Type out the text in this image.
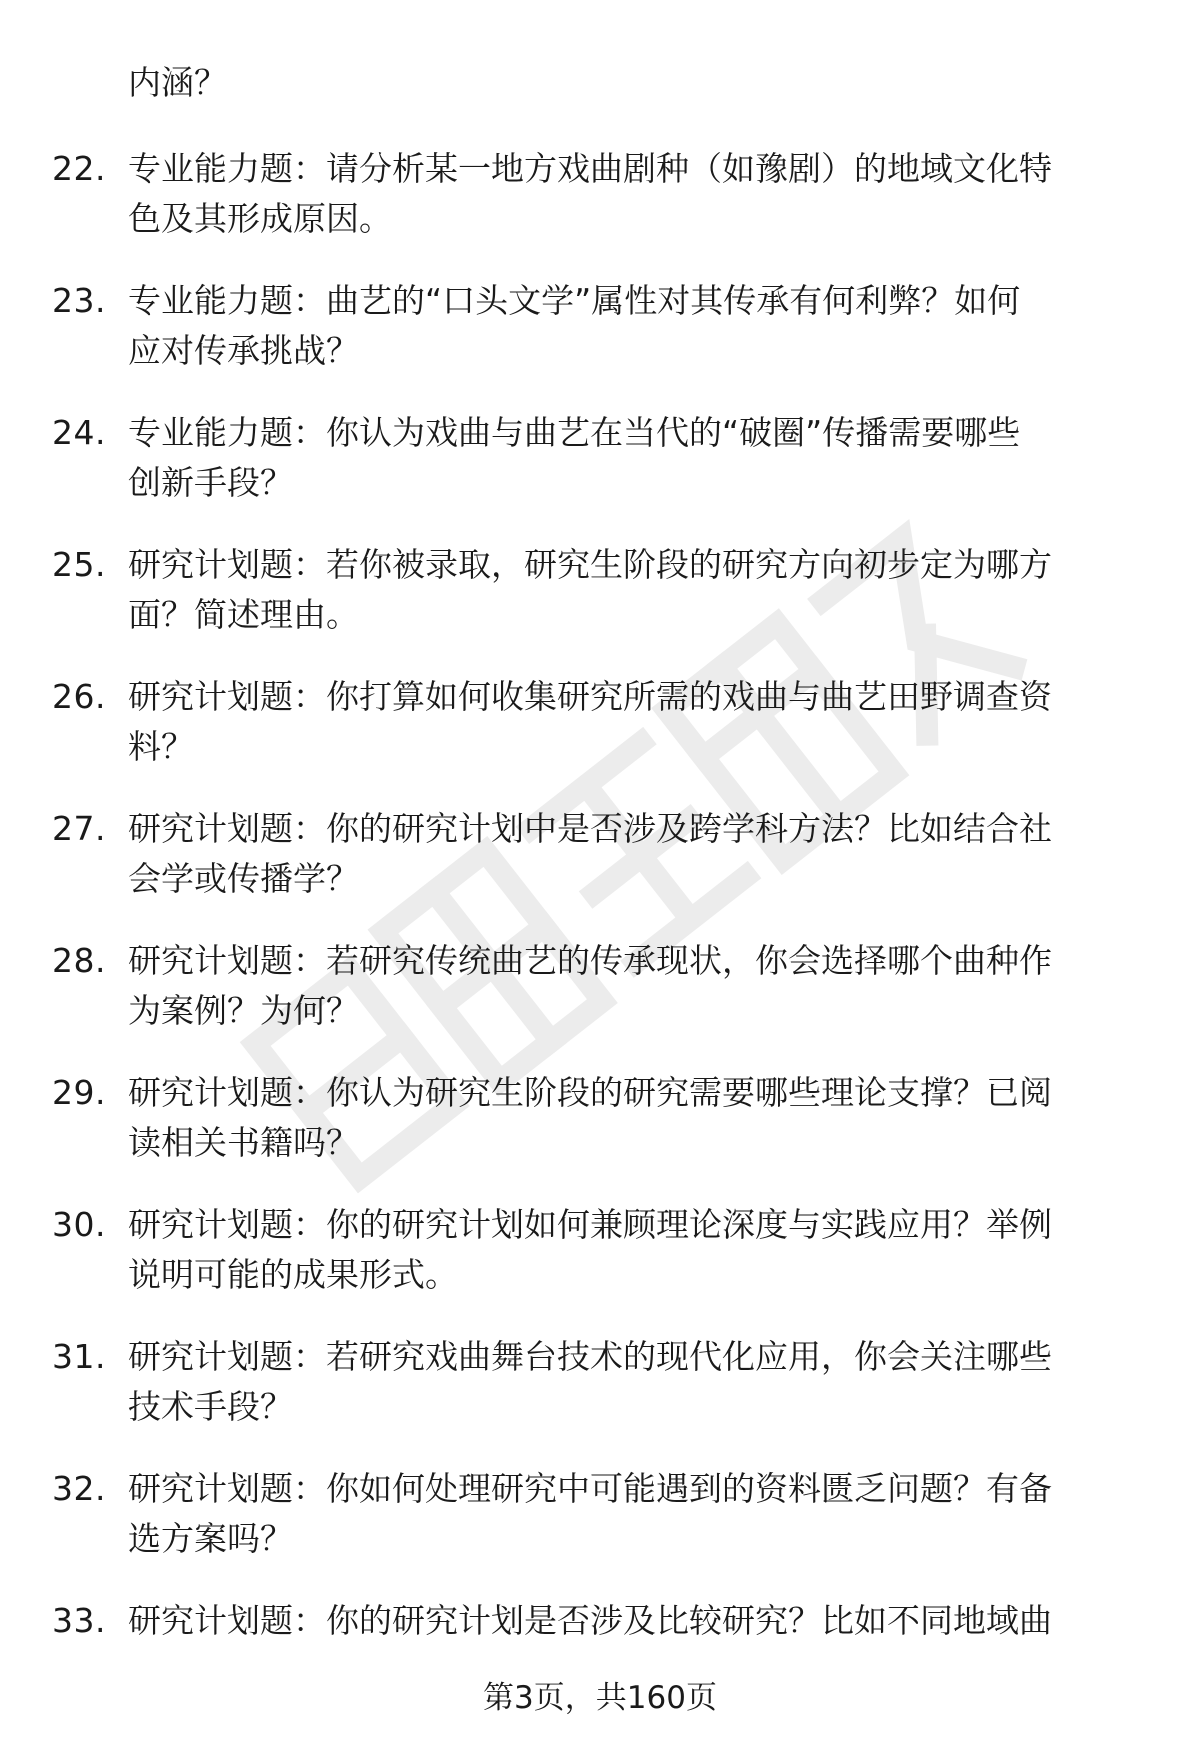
内涵？
22. 专业能力题：请分析某一地方戏曲剧种（如豫剧）的地域文化特
色及其形成原因。
23. 专业能力题：曲艺的“口头文学”属性对其传承有何利弊？如何
应对传承挑战？
24. 专业能力题：你认为戏曲与曲艺在当代的“破圈”传播需要哪些
创新手段？
25. 研究计划题：若你被录取，研究生阶段的研究方向初步定为哪方
面？简述理由。
26. 研究计划题：你打算如何收集研究所需的戏曲与曲艺田野调查资
料？
27. 研究计划题：你的研究计划中是否涉及跨学科方法？比如结合社
会学或传播学？
28. 研究计划题：若研究传统曲艺的传承现状，你会选择哪个曲种作
为案例？为何？
29. 研究计划题：你认为研究生阶段的研究需要哪些理论支撑？已阅
读相关书籍吗？
30. 研究计划题：你的研究计划如何兼顾理论深度与实践应用？举例
说明可能的成果形式。
31. 研究计划题：若研究戏曲舞台技术的现代化应用，你会关注哪些
技术手段？
32. 研究计划题：你如何处理研究中可能遇到的资料匮乏问题？有备
选方案吗？
33. 研究计划题：你的研究计划是否涉及比较研究？比如不同地域曲
第3页，共160页
